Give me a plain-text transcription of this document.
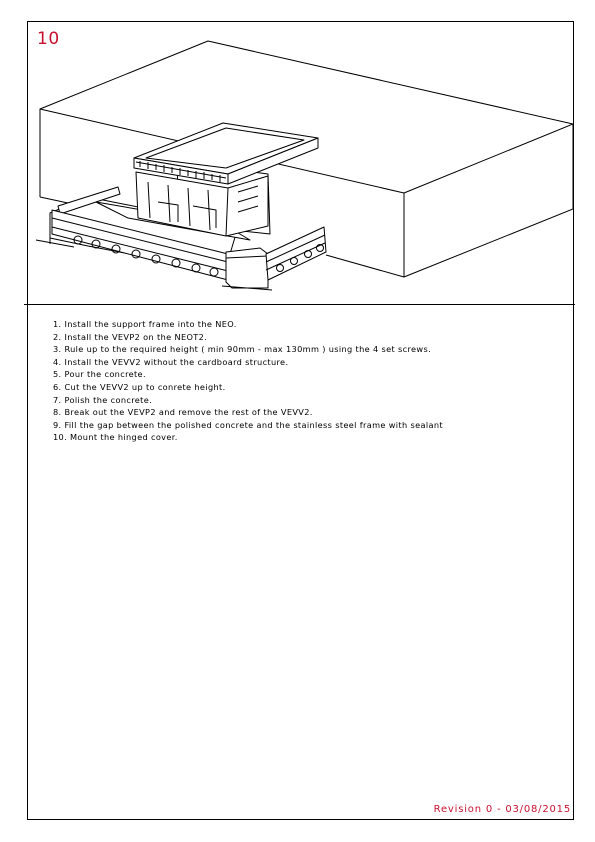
10
1. Install the support frame into the NEO.
2. Install the VEVP2 on the NEOT2.
3. Rule up to the required height ( min 90mm - max 130mm ) using the 4 set screws.
4. Install the VEVV2 without the cardboard structure.
5. Pour the concrete.
6. Cut the VEVV2 up to conrete height.
7. Polish the concrete.
8. Break out the VEVP2 and remove the rest of the VEVV2.
9. Fill the gap between the polished concrete and the stainless steel frame with sealant
10. Mount the hinged cover.
Revision 0 - 03/08/2015
